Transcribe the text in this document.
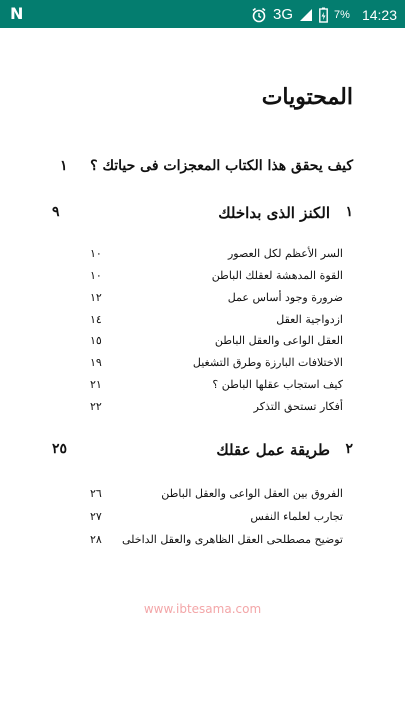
N	3G	7% 14:23
المحتويات
كيف يحقق هذا الكتاب المعجزات فى حياتك ؟
١
١
الكنز الذى بداخلك
٩
السر الأعظم لكل العصور
١٠
القوة المدهشة لعقلك الباطن
١٠
ضرورة وجود أساس عمل
١٢
ازدواجية العقل
١٤
العقل الواعى والعقل الباطن
١٥
الاختلافات البارزة وطرق التشغيل
١٩
كيف استجاب عقلها الباطن ؟
٢١
أفكار تستحق التذكر
٢٢
٢
طريقة عمل عقلك
٢٥
الفروق بين العقل الواعى والعقل الباطن
٢٦
تجارب لعلماء النفس
٢٧
توضيح مصطلحى العقل الظاهرى والعقل الداخلى
٢٨
www.ibtesama.com
